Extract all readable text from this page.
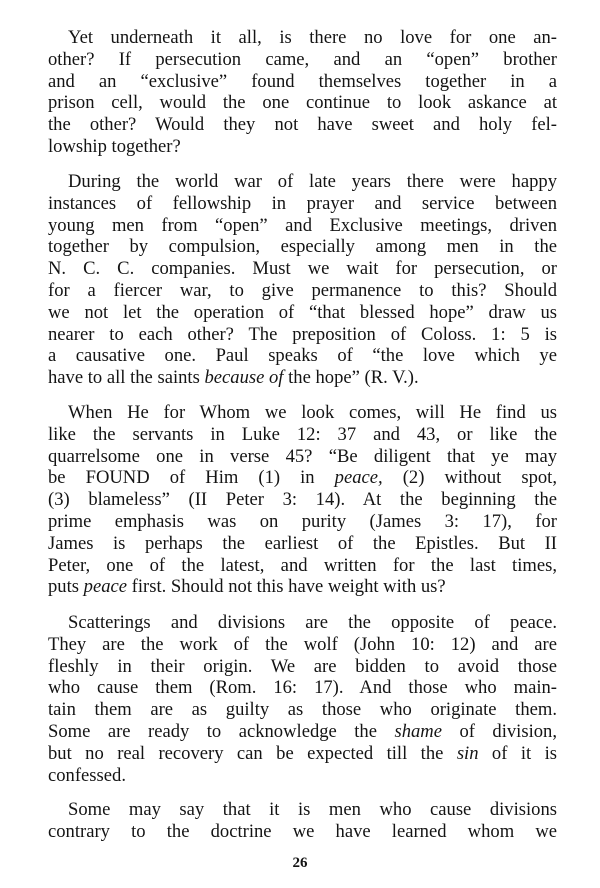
Yet underneath it all, is there no love for one an-
other? If persecution came, and an “open” brother
and an “exclusive” found themselves together in a
prison cell, would the one continue to look askance at
the other? Would they not have sweet and holy fel-
lowship together?
During the world war of late years there were happy
instances of fellowship in prayer and service between
young men from “open” and Exclusive meetings, driven
together by compulsion, especially among men in the
N. C. C. companies. Must we wait for persecution, or
for a fiercer war, to give permanence to this? Should
we not let the operation of “that blessed hope” draw us
nearer to each other? The preposition of Coloss. 1: 5 is
a causative one. Paul speaks of “the love which ye
have to all the saints because of the hope” (R. V.).
When He for Whom we look comes, will He find us
like the servants in Luke 12: 37 and 43, or like the
quarrelsome one in verse 45? “Be diligent that ye may
be FOUND of Him (1) in peace, (2) without spot,
(3) blameless” (II Peter 3: 14). At the beginning the
prime emphasis was on purity (James 3: 17), for
James is perhaps the earliest of the Epistles. But II
Peter, one of the latest, and written for the last times,
puts peace first. Should not this have weight with us?
Scatterings and divisions are the opposite of peace.
They are the work of the wolf (John 10: 12) and are
fleshly in their origin. We are bidden to avoid those
who cause them (Rom. 16: 17). And those who main-
tain them are as guilty as those who originate them.
Some are ready to acknowledge the shame of division,
but no real recovery can be expected till the sin of it is
confessed.
Some may say that it is men who cause divisions
contrary to the doctrine we have learned whom we
26
